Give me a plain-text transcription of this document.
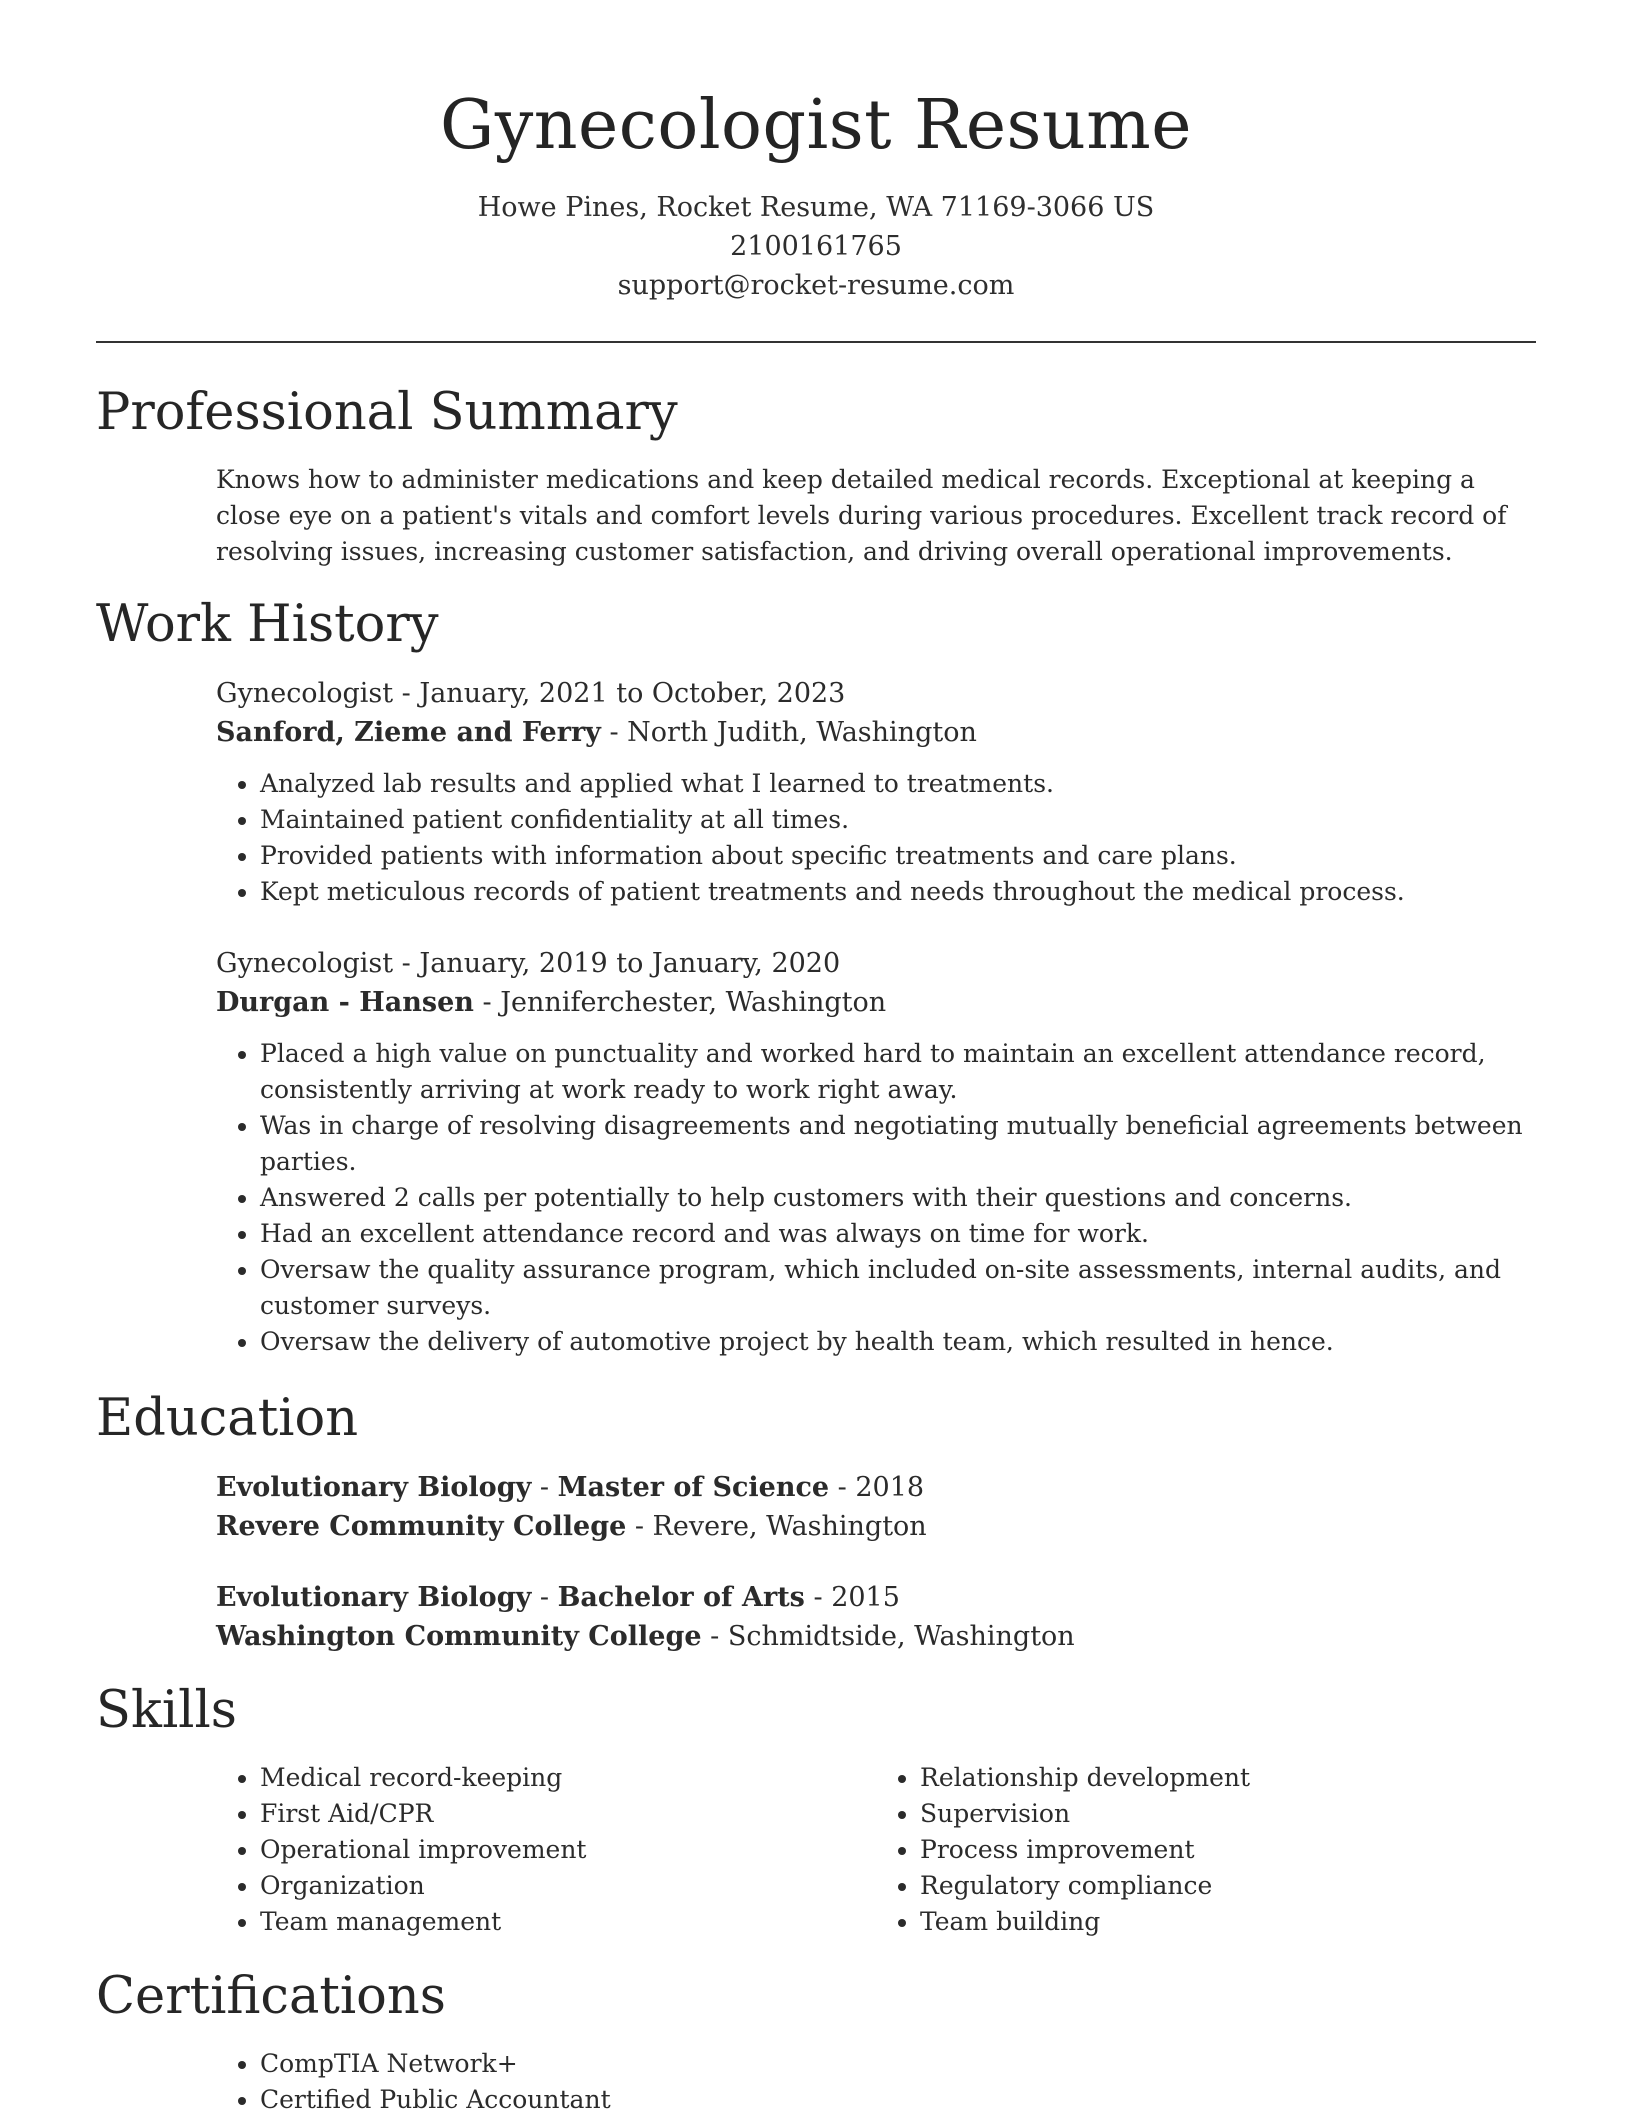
Gynecologist Resume
Howe Pines, Rocket Resume, WA 71169-3066 US
2100161765
support@rocket-resume.com
Professional Summary
Knows how to administer medications and keep detailed medical records. Exceptional at keeping a close eye on a patient's vitals and comfort levels during various procedures. Excellent track record of resolving issues, increasing customer satisfaction, and driving overall operational improvements.
Work History
Gynecologist - January, 2021 to October, 2023
Sanford, Zieme and Ferry - North Judith, Washington
• Analyzed lab results and applied what I learned to treatments.
• Maintained patient confidentiality at all times.
• Provided patients with information about specific treatments and care plans.
• Kept meticulous records of patient treatments and needs throughout the medical process.
Gynecologist - January, 2019 to January, 2020
Durgan - Hansen - Jenniferchester, Washington
• Placed a high value on punctuality and worked hard to maintain an excellent attendance record, consistently arriving at work ready to work right away.
• Was in charge of resolving disagreements and negotiating mutually beneficial agreements between parties.
• Answered 2 calls per potentially to help customers with their questions and concerns.
• Had an excellent attendance record and was always on time for work.
• Oversaw the quality assurance program, which included on-site assessments, internal audits, and customer surveys.
• Oversaw the delivery of automotive project by health team, which resulted in hence.
Education
Evolutionary Biology - Master of Science - 2018
Revere Community College - Revere, Washington
Evolutionary Biology - Bachelor of Arts - 2015
Washington Community College - Schmidtside, Washington
Skills
• Medical record-keeping
• First Aid/CPR
• Operational improvement
• Organization
• Team management
• Relationship development
• Supervision
• Process improvement
• Regulatory compliance
• Team building
Certifications
• CompTIA Network+
• Certified Public Accountant
